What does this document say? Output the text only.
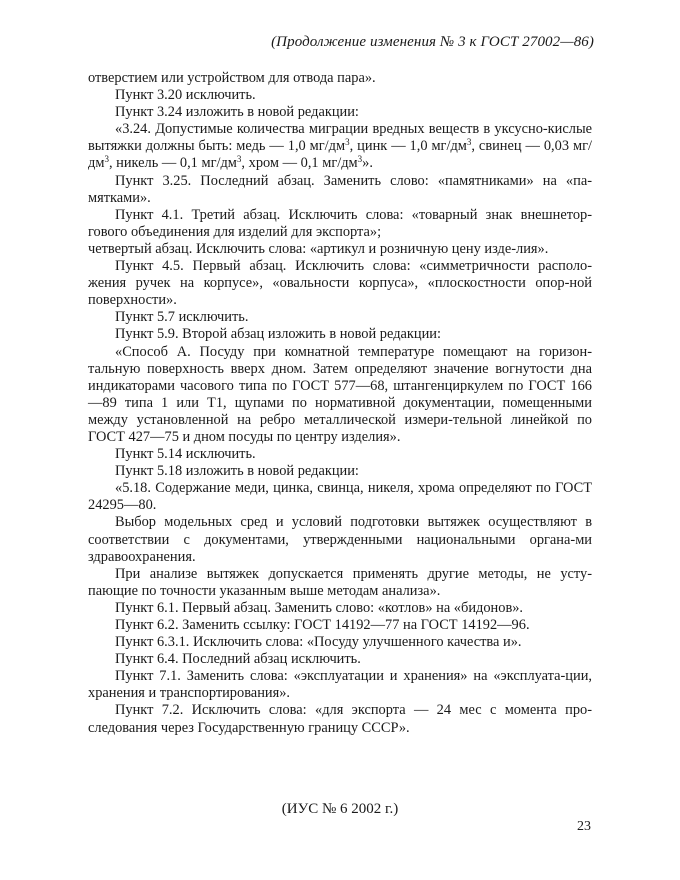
(Продолжение изменения № 3 к ГОСТ 27002—86)

отверстием или устройством для отвода пара».

Пункт 3.20 исключить.

Пункт 3.24 изложить в новой редакции:

«3.24. Допустимые количества миграции вредных веществ в уксусно-кислые вытяжки должны быть: медь — 1,0 $мг/дм^3$, цинк — 1,0 $мг/дм^3$, свинец — 0,03 $мг/дм^3$, никель — 0,1 $мг/дм^3$, хром — 0,1 $мг/дм^3$».

Пункт 3.25. Последний абзац. Заменить слово: «памятниками» на «па-мятками».

Пункт 4.1. Третий абзац. Исключить слова: «товарный знак внешнетор-гового объединения для изделий для экспорта»;

четвертый абзац. Исключить слова: «артикул и розничную цену изде-лия».

Пункт 4.5. Первый абзац. Исключить слова: «симметричности располо-жения ручек на корпусе», «овальности корпуса», «плоскостности опор-ной поверхности».

Пункт 5.7 исключить.

Пункт 5.9. Второй абзац изложить в новой редакции:

«Способ А. Посуду при комнатной температуре помещают на горизон-тальную поверхность вверх дном. Затем определяют значение вогнутости дна индикаторами часового типа по ГОСТ 577—68, штангенциркулем по ГОСТ 166—89 типа 1 или Т1, щупами по нормативной документации, помещенными между установленной на ребро металлической измери-тельной линейкой по ГОСТ 427—75 и дном посуды по центру изделия».

Пункт 5.14 исключить.

Пункт 5.18 изложить в новой редакции:

«5.18. Содержание меди, цинка, свинца, никеля, хрома определяют по ГОСТ 24295—80.

Выбор модельных сред и условий подготовки вытяжек осуществляют в соответствии с документами, утвержденными национальными органа-ми здравоохранения.

При анализе вытяжек допускается применять другие методы, не усту-пающие по точности указанным выше методам анализа».

Пункт 6.1. Первый абзац. Заменить слово: «котлов» на «бидонов».

Пункт 6.2. Заменить ссылку: ГОСТ 14192—77 на ГОСТ 14192—96.

Пункт 6.3.1. Исключить слова: «Посуду улучшенного качества и».

Пункт 6.4. Последний абзац исключить.

Пункт 7.1. Заменить слова: «эксплуатации и хранения» на «эксплуата-ции, хранения и транспортирования».

Пункт 7.2. Исключить слова: «для экспорта — 24 мес с момента про-следования через Государственную границу СССР».

(ИУС № 6 2002 г.)
23
